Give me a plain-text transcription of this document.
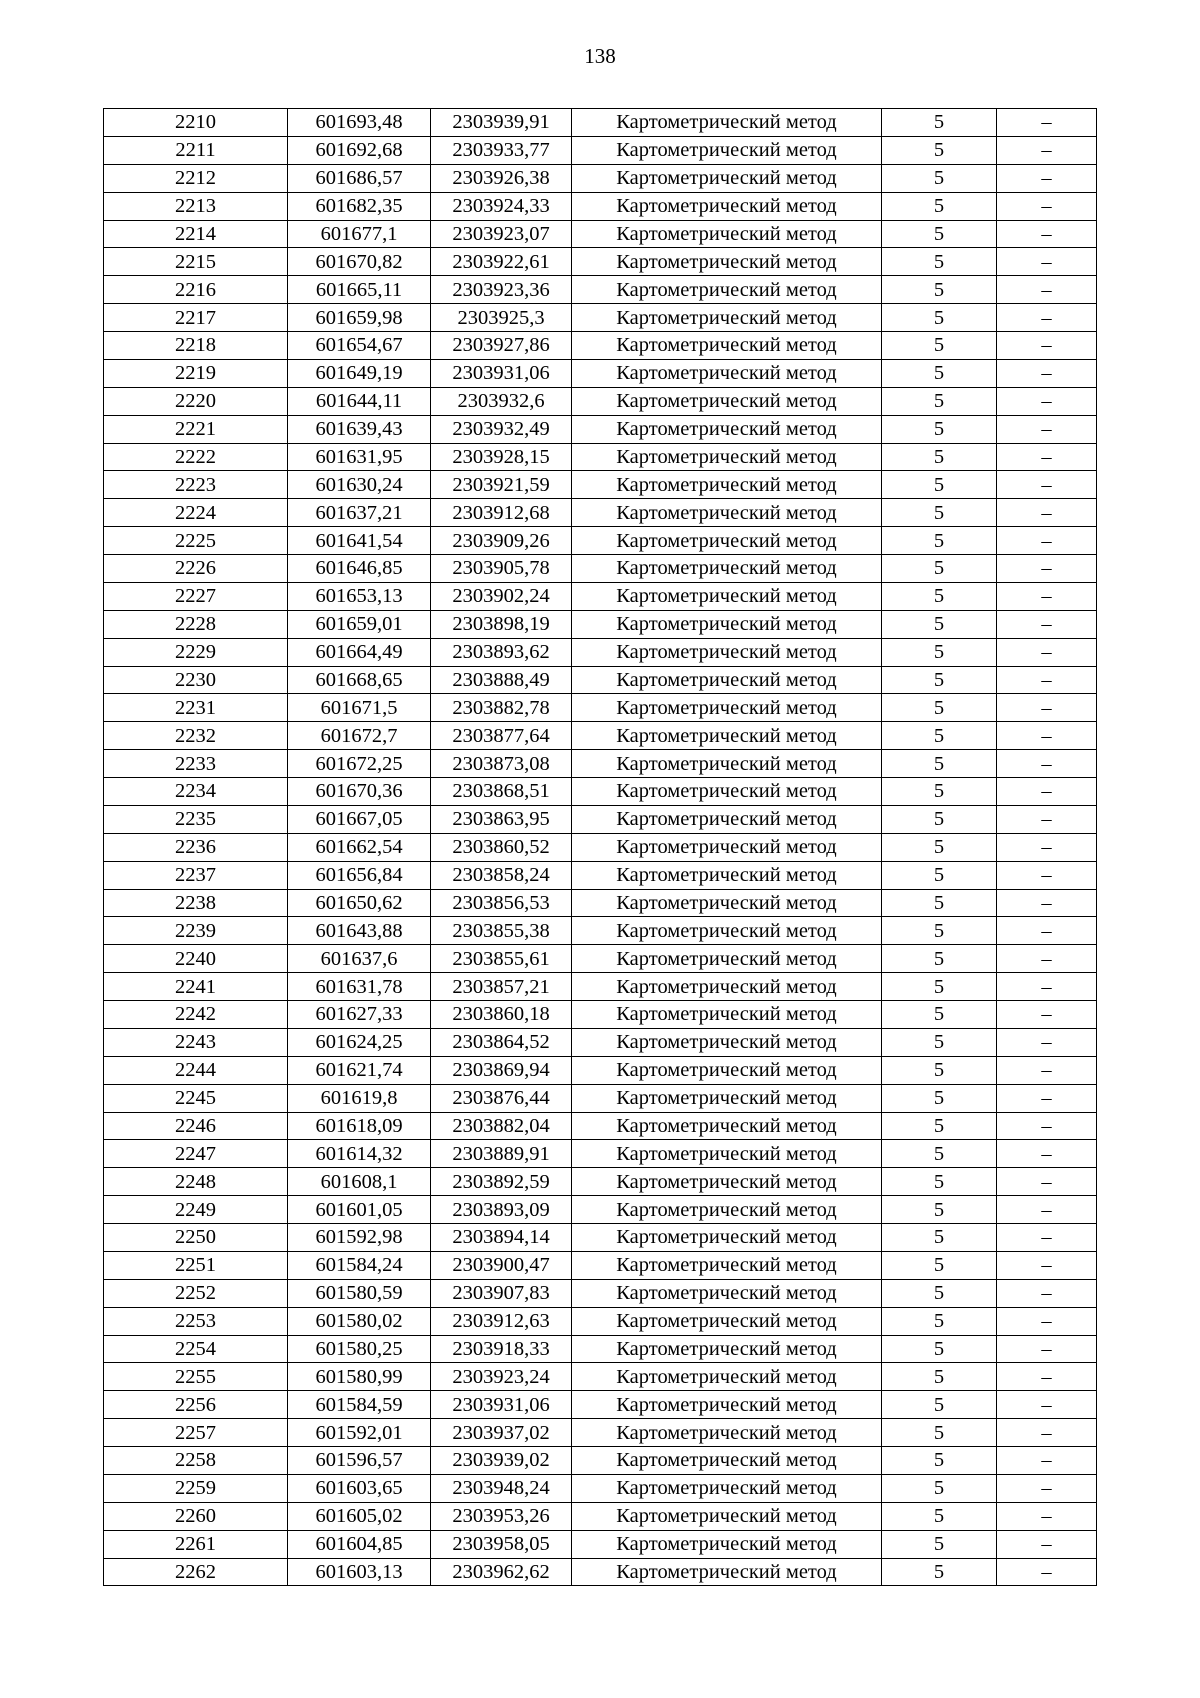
138
2210	601693,48	2303939,91	Картометрический метод	5	–
2211	601692,68	2303933,77	Картометрический метод	5	–
2212	601686,57	2303926,38	Картометрический метод	5	–
2213	601682,35	2303924,33	Картометрический метод	5	–
2214	601677,1	2303923,07	Картометрический метод	5	–
2215	601670,82	2303922,61	Картометрический метод	5	–
2216	601665,11	2303923,36	Картометрический метод	5	–
2217	601659,98	2303925,3	Картометрический метод	5	–
2218	601654,67	2303927,86	Картометрический метод	5	–
2219	601649,19	2303931,06	Картометрический метод	5	–
2220	601644,11	2303932,6	Картометрический метод	5	–
2221	601639,43	2303932,49	Картометрический метод	5	–
2222	601631,95	2303928,15	Картометрический метод	5	–
2223	601630,24	2303921,59	Картометрический метод	5	–
2224	601637,21	2303912,68	Картометрический метод	5	–
2225	601641,54	2303909,26	Картометрический метод	5	–
2226	601646,85	2303905,78	Картометрический метод	5	–
2227	601653,13	2303902,24	Картометрический метод	5	–
2228	601659,01	2303898,19	Картометрический метод	5	–
2229	601664,49	2303893,62	Картометрический метод	5	–
2230	601668,65	2303888,49	Картометрический метод	5	–
2231	601671,5	2303882,78	Картометрический метод	5	–
2232	601672,7	2303877,64	Картометрический метод	5	–
2233	601672,25	2303873,08	Картометрический метод	5	–
2234	601670,36	2303868,51	Картометрический метод	5	–
2235	601667,05	2303863,95	Картометрический метод	5	–
2236	601662,54	2303860,52	Картометрический метод	5	–
2237	601656,84	2303858,24	Картометрический метод	5	–
2238	601650,62	2303856,53	Картометрический метод	5	–
2239	601643,88	2303855,38	Картометрический метод	5	–
2240	601637,6	2303855,61	Картометрический метод	5	–
2241	601631,78	2303857,21	Картометрический метод	5	–
2242	601627,33	2303860,18	Картометрический метод	5	–
2243	601624,25	2303864,52	Картометрический метод	5	–
2244	601621,74	2303869,94	Картометрический метод	5	–
2245	601619,8	2303876,44	Картометрический метод	5	–
2246	601618,09	2303882,04	Картометрический метод	5	–
2247	601614,32	2303889,91	Картометрический метод	5	–
2248	601608,1	2303892,59	Картометрический метод	5	–
2249	601601,05	2303893,09	Картометрический метод	5	–
2250	601592,98	2303894,14	Картометрический метод	5	–
2251	601584,24	2303900,47	Картометрический метод	5	–
2252	601580,59	2303907,83	Картометрический метод	5	–
2253	601580,02	2303912,63	Картометрический метод	5	–
2254	601580,25	2303918,33	Картометрический метод	5	–
2255	601580,99	2303923,24	Картометрический метод	5	–
2256	601584,59	2303931,06	Картометрический метод	5	–
2257	601592,01	2303937,02	Картометрический метод	5	–
2258	601596,57	2303939,02	Картометрический метод	5	–
2259	601603,65	2303948,24	Картометрический метод	5	–
2260	601605,02	2303953,26	Картометрический метод	5	–
2261	601604,85	2303958,05	Картометрический метод	5	–
2262	601603,13	2303962,62	Картометрический метод	5	–
